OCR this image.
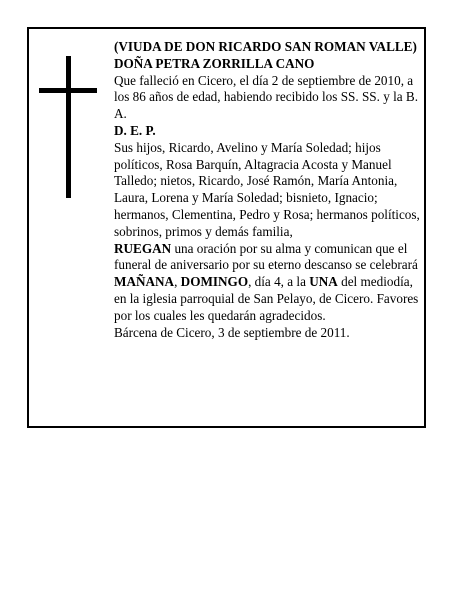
(VIUDA DE DON RICARDO SAN ROMAN VALLE)

DOÑA PETRA ZORRILLA CANO

Que falleció en Cicero, el día 2 de septiembre de 2010, a los 86 años de edad, habiendo recibido los SS. SS. y la B. A.

D. E. P.

Sus hijos, Ricardo, Avelino y María Soledad; hijos políticos, Rosa Barquín, Altagracia Acosta y Manuel Talledo; nietos, Ricardo, José Ramón, María Antonia, Laura, Lorena y María Soledad; bisnieto, Ignacio; hermanos, Clementina, Pedro y Rosa; hermanos políticos, sobrinos, primos y demás familia,

RUEGAN una oración por su alma y comunican que el funeral de aniversario por su eterno descanso se celebrará MAÑANA, DOMINGO, día 4, a la UNA del mediodía, en la iglesia parroquial de San Pelayo, de Cicero. Favores por los cuales les quedarán agradecidos.

Bárcena de Cicero, 3 de septiembre de 2011.
